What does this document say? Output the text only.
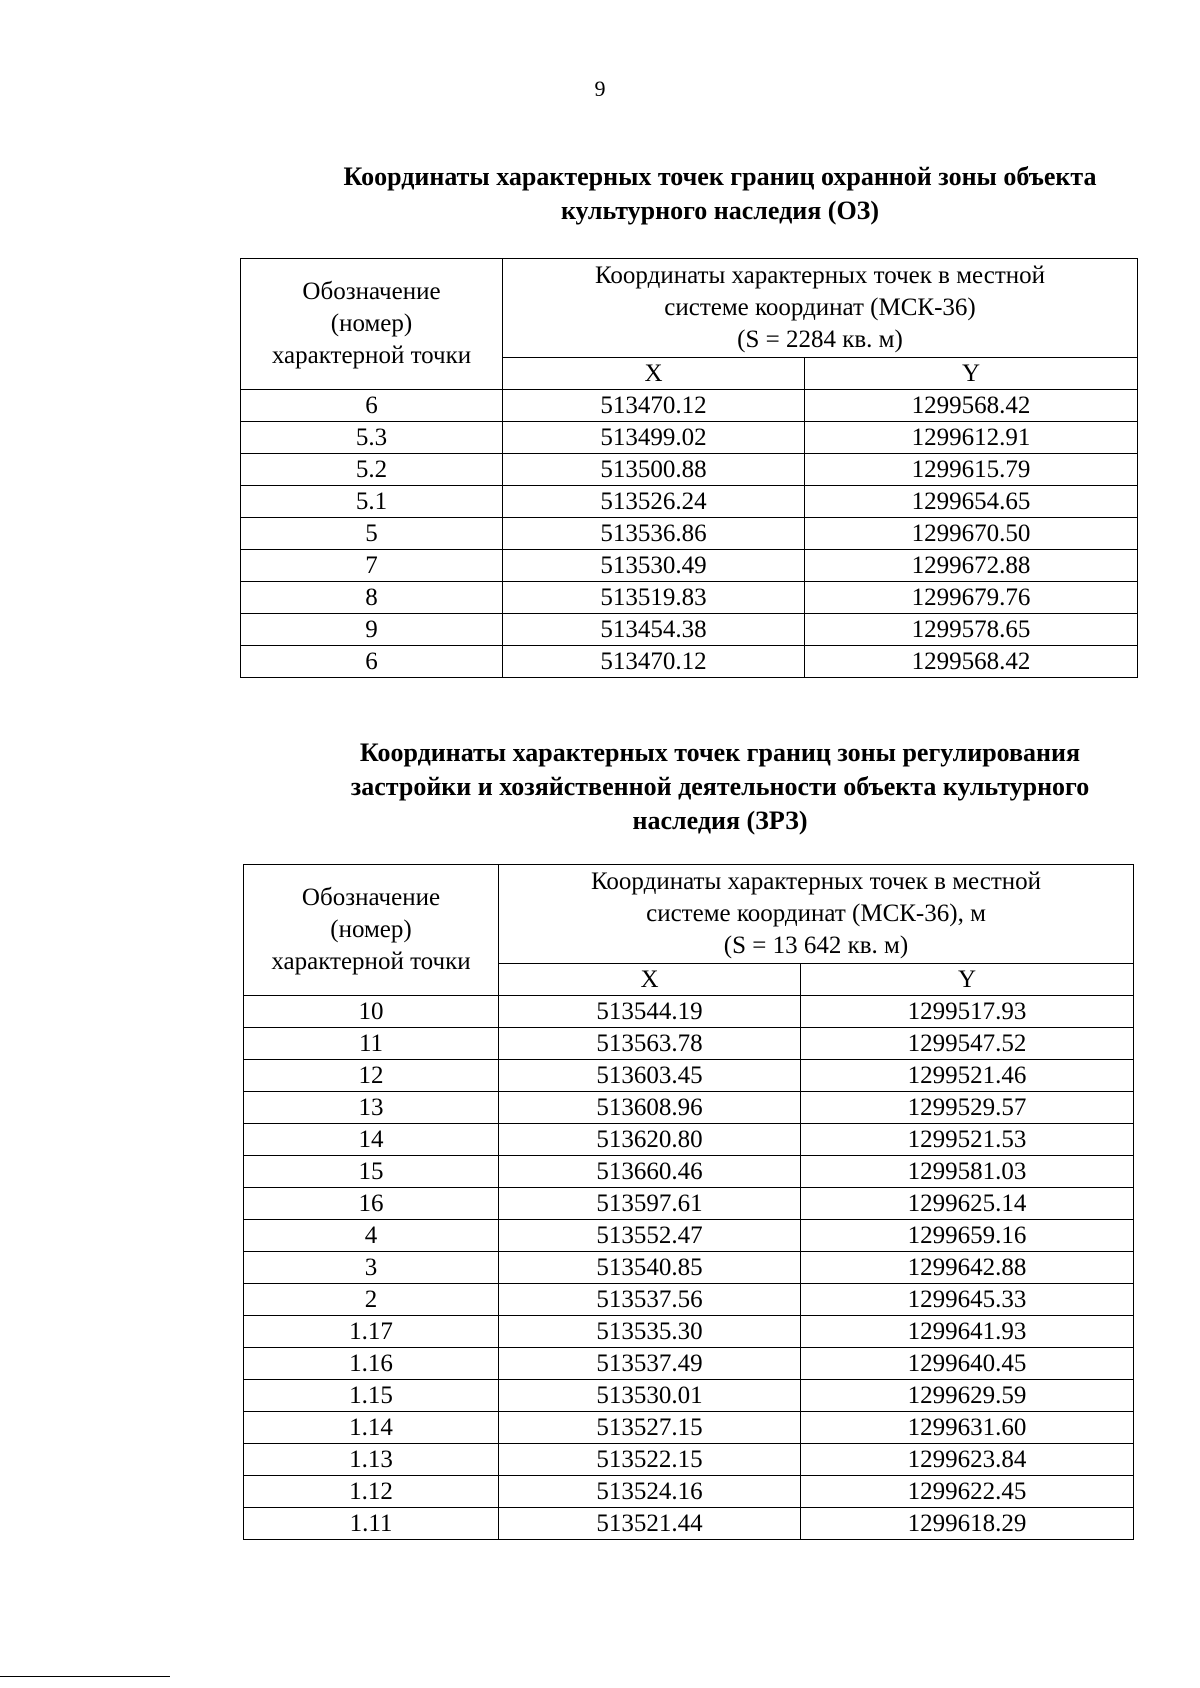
9
Координаты характерных точек границ охранной зоны объекта
культурного наследия (ОЗ)
Обозначение
(номер)
характерной точки	Координаты характерных точек в местной
системе координат (МСК-36)
(S = 2284 кв. м)	

	X	Y
6	513470.12	1299568.42
5.3	513499.02	1299612.91
5.2	513500.88	1299615.79
5.1	513526.24	1299654.65
5	513536.86	1299670.50
7	513530.49	1299672.88
8	513519.83	1299679.76
9	513454.38	1299578.65
6	513470.12	1299568.42
Координаты характерных точек границ зоны регулирования
застройки и хозяйственной деятельности объекта культурного
наследия (ЗРЗ)
Обозначение
(номер)
характерной точки	Координаты характерных точек в местной
системе координат (МСК-36), м
(S = 13 642 кв. м)	

	X	Y
10	513544.19	1299517.93
11	513563.78	1299547.52
12	513603.45	1299521.46
13	513608.96	1299529.57
14	513620.80	1299521.53
15	513660.46	1299581.03
16	513597.61	1299625.14
4	513552.47	1299659.16
3	513540.85	1299642.88
2	513537.56	1299645.33
1.17	513535.30	1299641.93
1.16	513537.49	1299640.45
1.15	513530.01	1299629.59
1.14	513527.15	1299631.60
1.13	513522.15	1299623.84
1.12	513524.16	1299622.45
1.11	513521.44	1299618.29
